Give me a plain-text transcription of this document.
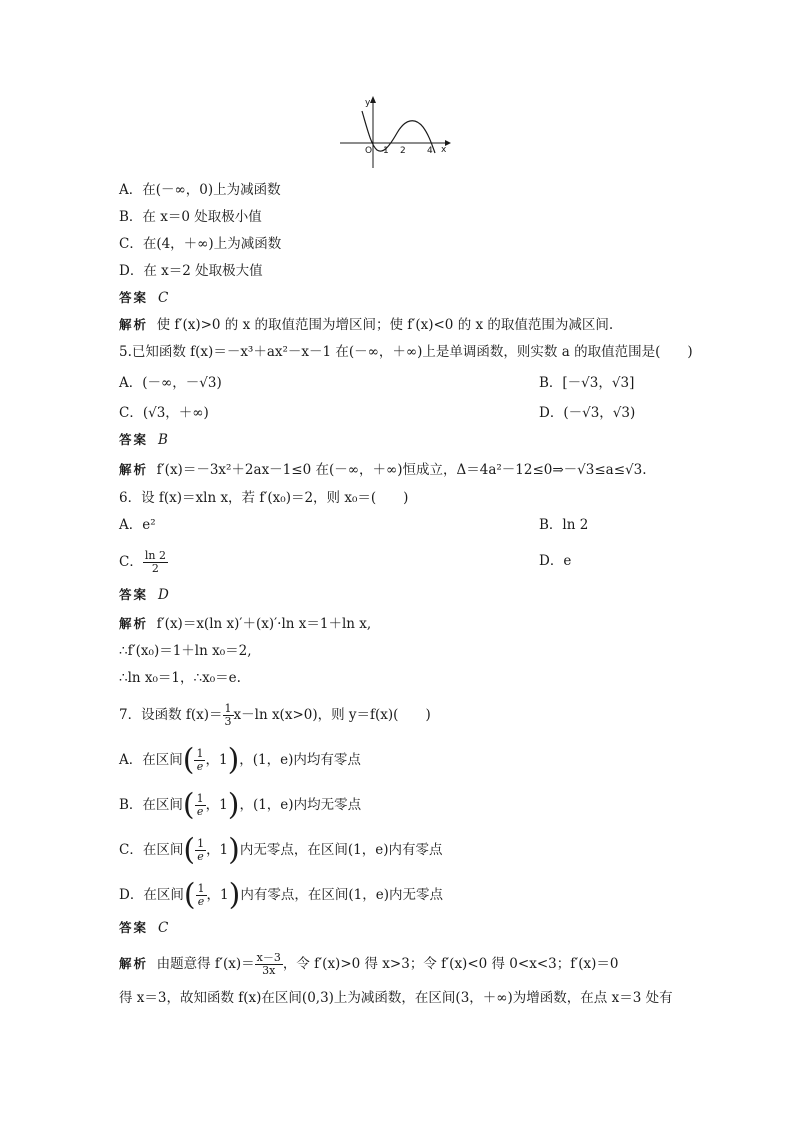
y
x
O 1 2 4
A．在(－∞，0)上为减函数
B．在 x＝0 处取极小值
C．在(4，＋∞)上为减函数
D．在 x＝2 处取极大值
答案 C
解析 使 f′(x)>0 的 x 的取值范围为增区间；使 f′(x)<0 的 x 的取值范围为减区间.
5.已知函数 f(x)＝－x³＋ax²－x－1 在(－∞，＋∞)上是单调函数，则实数 a 的取值范围是(　　)
A．(－∞，－√3)	B．[－√3，√3]
C．(√3，＋∞)	D．(－√3，√3)
答案 B
解析 f′(x)＝－3x²＋2ax－1≤0 在(－∞，＋∞)恒成立，Δ＝4a²－12≤0⇒－√3≤a≤√3.
6．设 f(x)＝xln x，若 f′(x₀)＝2，则 x₀＝(　　)
A．e²	B．ln 2
C． $\frac{\ln 2}{2}$	D．e
答案 D
解析 f′(x)＝x(ln x)′＋(x)′·ln x＝1＋ln x,
∴f′(x₀)＝1＋ln x₀＝2,
∴ln x₀＝1，∴x₀＝e.
7．设函数 $f(x)= \frac{1}{3} x-\ln$ x(x>0)，则 y＝f(x)(　　)
A．在区间( $\frac{1}{e}$ ，1)，(1，e)内均有零点
B．在区间( $\frac{1}{e}$ ，1)，(1，e)内均无零点
C．在区间( $\frac{1}{e}$ ，1)内无零点，在区间(1，e)内有零点
D．在区间( $\frac{1}{e}$ ，1)内有零点，在区间(1，e)内无零点
答案 C
解析 由题意得 $f'(x)= \frac{x-3}{3x}$ ，令 f′(x)>0 得 x>3；令 f′(x)<0 得 0<x<3；f′(x)＝0
得 x＝3，故知函数 f(x)在区间(0,3)上为减函数，在区间(3，＋∞)为增函数，在点 x＝3 处有
